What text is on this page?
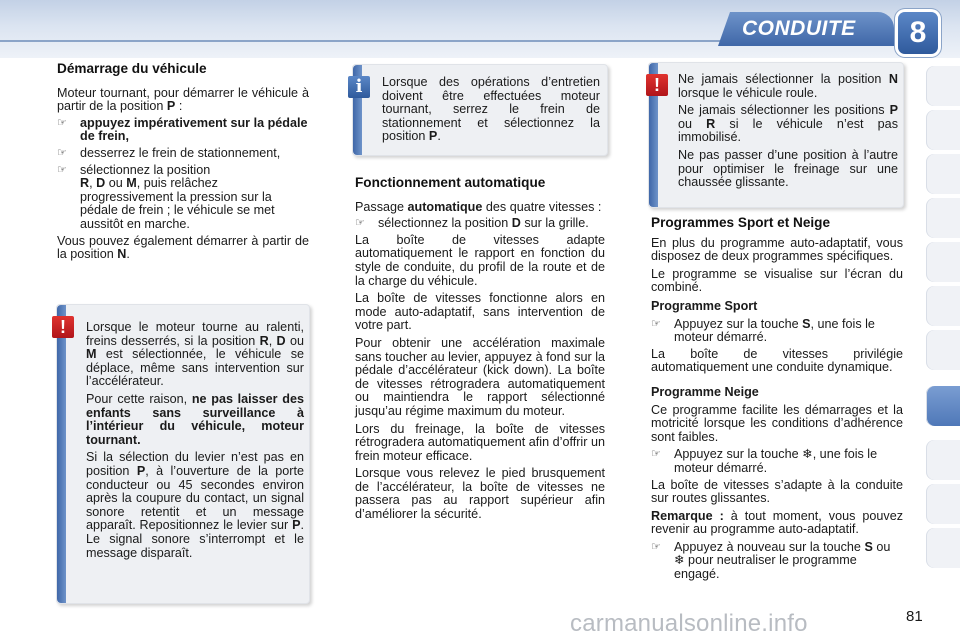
CONDUITE	8
Démarrage du véhicule

Moteur tournant, pour démarrer le véhicule à partir de la position P :

☞	appuyez impérativement sur la pédale de frein,
☞	desserrez le frein de stationnement,
☞	sélectionnez la position
R, D ou M, puis relâchez progressivement la pression sur la pédale de frein ; le véhicule se met aussitôt en marche.

Vous pouvez également démarrer à partir de la position N.

!	Lorsque le moteur tourne au ralenti, freins desserrés, si la position R, D ou M est sélectionnée, le véhicule se déplace, même sans intervention sur l’accélérateur.

Pour cette raison, ne pas laisser des enfants sans surveillance à l’intérieur du véhicule, moteur tournant.

Si la sélection du levier n’est pas en position P, à l’ouverture de la porte conducteur ou 45 secondes environ après la coupure du contact, un signal sonore retentit et un message apparaît. Repositionnez le levier sur P. Le signal sonore s’interrompt et le message disparaît.

i	Lorsque des opérations d’entretien doivent être effectuées moteur tournant, serrez le frein de stationnement et sélectionnez la position P.

Fonctionnement automatique

Passage automatique des quatre vitesses :

☞	sélectionnez la position D sur la grille.

La boîte de vitesses adapte automatiquement le rapport en fonction du style de conduite, du profil de la route et de la charge du véhicule.

La boîte de vitesses fonctionne alors en mode auto-adaptatif, sans intervention de votre part.

Pour obtenir une accélération maximale sans toucher au levier, appuyez à fond sur la pédale d’accélérateur (kick down). La boîte de vitesses rétrogradera automatiquement ou maintiendra le rapport sélectionné jusqu’au régime maximum du moteur.

Lors du freinage, la boîte de vitesses rétrogradera automatiquement afin d’offrir un frein moteur efficace.

Lorsque vous relevez le pied brusquement de l’accélérateur, la boîte de vitesses ne passera pas au rapport supérieur afin d’améliorer la sécurité.

!	Ne jamais sélectionner la position N lorsque le véhicule roule.

Ne jamais sélectionner les positions P ou R si le véhicule n’est pas immobilisé.

Ne pas passer d’une position à l’autre pour optimiser le freinage sur une chaussée glissante.

Programmes Sport et Neige

En plus du programme auto-adaptatif, vous disposez de deux programmes spécifiques.

Le programme se visualise sur l’écran du combiné.

Programme Sport

☞	Appuyez sur la touche S, une fois le moteur démarré.

La boîte de vitesses privilégie automatiquement une conduite dynamique.

Programme Neige

Ce programme facilite les démarrages et la motricité lorsque les conditions d’adhérence sont faibles.

☞	Appuyez sur la touche ❄, une fois le moteur démarré.

La boîte de vitesses s’adapte à la conduite sur routes glissantes.

Remarque : à tout moment, vous pouvez revenir au programme auto-adaptatif.

☞	Appuyez à nouveau sur la touche S ou ❄ pour neutraliser le programme engagé.
carmanualsonline.info	81
